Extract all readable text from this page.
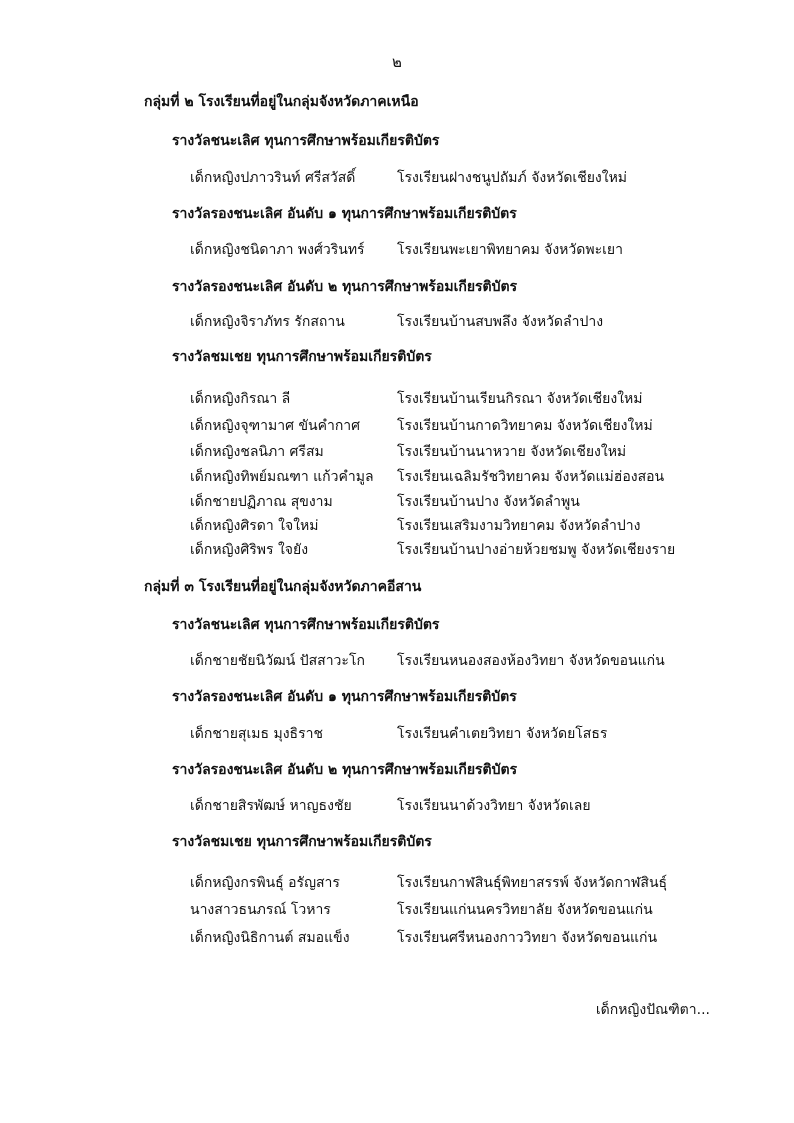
๒
กลุ่มที่ ๒ โรงเรียนที่อยู่ในกลุ่มจังหวัดภาคเหนือ
รางวัลชนะเลิศ ทุนการศึกษาพร้อมเกียรติบัตร
เด็กหญิงปภาวรินท์ ศรีสวัสดิ์	โรงเรียนฝางชนูปถัมภ์ จังหวัดเชียงใหม่
รางวัลรองชนะเลิศ อันดับ ๑ ทุนการศึกษาพร้อมเกียรติบัตร
เด็กหญิงชนิดาภา พงศ์วรินทร์ โรงเรียนพะเยาพิทยาคม จังหวัดพะเยา
รางวัลรองชนะเลิศ อันดับ ๒ ทุนการศึกษาพร้อมเกียรติบัตร
เด็กหญิงจิราภัทร รักสถาน	โรงเรียนบ้านสบพลึง จังหวัดลำปาง
รางวัลชมเชย ทุนการศึกษาพร้อมเกียรติบัตร
เด็กหญิงกิรณา ลี	โรงเรียนบ้านเรียนกิรณา จังหวัดเชียงใหม่
เด็กหญิงจุฑามาศ ขันคำกาศ	โรงเรียนบ้านกาดวิทยาคม จังหวัดเชียงใหม่
เด็กหญิงชลนิภา ศรีสม	โรงเรียนบ้านนาหวาย จังหวัดเชียงใหม่
เด็กหญิงทิพย์มณฑา แก้วคำมูล โรงเรียนเฉลิมรัชวิทยาคม จังหวัดแม่ฮ่องสอน
เด็กชายปฏิภาณ สุขงาม	โรงเรียนบ้านปาง จังหวัดลำพูน
เด็กหญิงศิรดา ใจใหม่	โรงเรียนเสริมงามวิทยาคม จังหวัดลำปาง
เด็กหญิงศิริพร ใจยัง	โรงเรียนบ้านปางอ่ายห้วยชมพู จังหวัดเชียงราย
กลุ่มที่ ๓ โรงเรียนที่อยู่ในกลุ่มจังหวัดภาคอีสาน
รางวัลชนะเลิศ ทุนการศึกษาพร้อมเกียรติบัตร
เด็กชายชัยนิวัฒน์ ปัสสาวะโก โรงเรียนหนองสองห้องวิทยา จังหวัดขอนแก่น
รางวัลรองชนะเลิศ อันดับ ๑ ทุนการศึกษาพร้อมเกียรติบัตร
เด็กชายสุเมธ มุงธิราช	โรงเรียนคำเตยวิทยา จังหวัดยโสธร
รางวัลรองชนะเลิศ อันดับ ๒ ทุนการศึกษาพร้อมเกียรติบัตร
เด็กชายสิรพัฒษ์ หาญธงชัย	โรงเรียนนาด้วงวิทยา จังหวัดเลย
รางวัลชมเชย ทุนการศึกษาพร้อมเกียรติบัตร
เด็กหญิงกรพินธุ์ อรัญสาร	โรงเรียนกาฬสินธุ์พิทยาสรรพ์ จังหวัดกาฬสินธุ์
นางสาวธนภรณ์ โวหาร	โรงเรียนแก่นนครวิทยาลัย จังหวัดขอนแก่น
เด็กหญิงนิธิกานต์ สมอแข็ง	โรงเรียนศรีหนองกาววิทยา จังหวัดขอนแก่น
เด็กหญิงปัณฑิตา...
